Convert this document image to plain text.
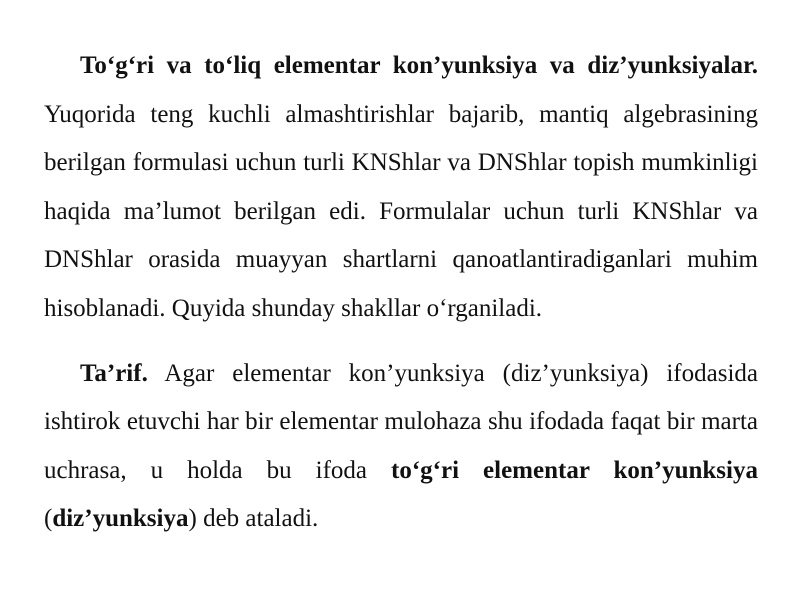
To‘g‘ri va to‘liq elementar kon’yunksiya va diz’yunksiyalar. Yuqorida teng kuchli almashtirishlar bajarib, mantiq algebrasining berilgan formulasi uchun turli KNShlar va DNShlar topish mumkinligi haqida ma’lumot berilgan edi. Formulalar uchun turli KNShlar va DNShlar orasida muayyan shartlarni qanoatlantiradiganlari muhim hisoblanadi. Quyida shunday shakllar o‘rganiladi.

Ta’rif. Agar elementar kon’yunksiya (diz’yunksiya) ifodasida ishtirok etuvchi har bir elementar mulohaza shu ifodada faqat bir marta uchrasa, u holda bu ifoda to‘g‘ri elementar kon’yunksiya (diz’yunksiya) deb ataladi.
